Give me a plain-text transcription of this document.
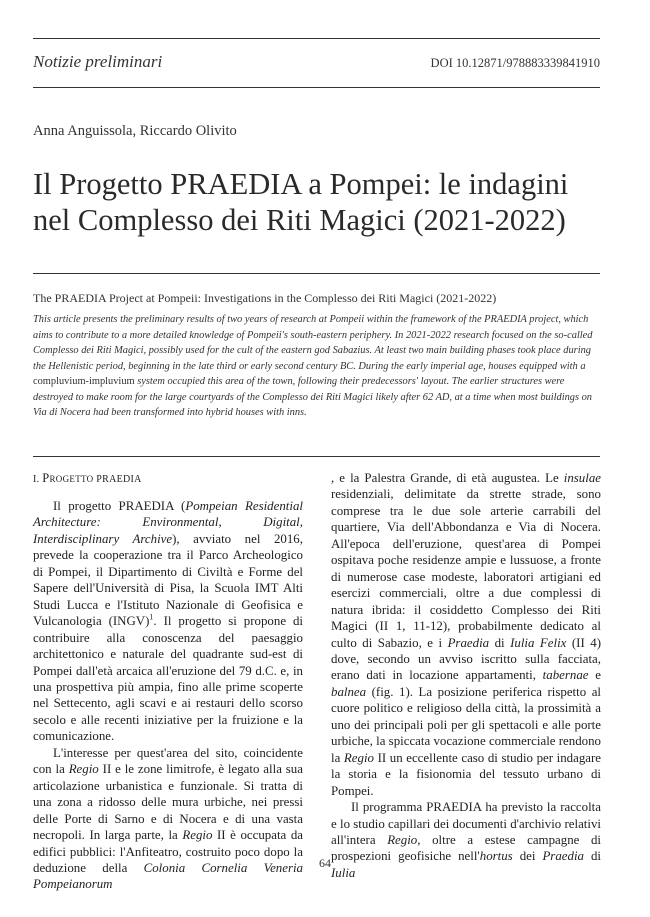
Notizie preliminari	DOI 10.12871/978883339841910
Anna Anguissola, Riccardo Olivito
Il Progetto PRAEDIA a Pompei: le indagini nel Complesso dei Riti Magici (2021-2022)
The PRAEDIA Project at Pompeii: Investigations in the Complesso dei Riti Magici (2021-2022)
This article presents the preliminary results of two years of research at Pompeii within the framework of the PRAEDIA project, which aims to contribute to a more detailed knowledge of Pompeii's south-eastern periphery. In 2021-2022 research focused on the so-called Complesso dei Riti Magici, possibly used for the cult of the eastern god Sabazius. At least two main building phases took place during the Hellenistic period, beginning in the late third or early second century BC. During the early imperial age, houses equipped with a compluvium-impluvium system occupied this area of the town, following their predecessors' layout. The earlier structures were destroyed to make room for the large courtyards of the Complesso dei Riti Magici likely after 62 AD, at a time when most buildings on Via di Nocera had been transformed into hybrid houses with inns.
I. Progetto PRAEDIA

Il progetto PRAEDIA (Pompeian Residential Architecture: Environmental, Digital, Interdisciplinary Archive), avviato nel 2016, prevede la cooperazione tra il Parco Archeologico di Pompei, il Dipartimento di Civiltà e Forme del Sapere dell'Università di Pisa, la Scuola IMT Alti Studi Lucca e l'Istituto Nazionale di Geofisica e Vulcanologia (INGV)$^1$. Il progetto si propone di contribuire alla conoscenza del paesaggio architettonico e naturale del quadrante sud-est di Pompei dall'età arcaica all'eruzione del 79 d.C. e, in una prospettiva più ampia, fino alle prime scoperte nel Settecento, agli scavi e ai restauri dello scorso secolo e alle recenti iniziative per la fruizione e la comunicazione.

L'interesse per quest'area del sito, coincidente con la Regio II e le zone limitrofe, è legato alla sua articolazione urbanistica e funzionale. Si tratta di una zona a ridosso delle mura urbiche, nei pressi delle Porte di Sarno e di Nocera e di una vasta necropoli. In larga parte, la Regio II è occupata da edifici pubblici: l'Anfiteatro, costruito poco dopo la deduzione della Colonia Cornelia Veneria Pompeianorum

, e la Palestra Grande, di età augustea. Le insulae residenziali, delimitate da strette strade, sono comprese tra le due sole arterie carrabili del quartiere, Via dell'Abbondanza e Via di Nocera. All'epoca dell'eruzione, quest'area di Pompei ospitava poche residenze ampie e lussuose, a fronte di numerose case modeste, laboratori artigiani ed esercizi commerciali, oltre a due complessi di natura ibrida: il cosiddetto Complesso dei Riti Magici (II 1, 11-12), probabilmente dedicato al culto di Sabazio, e i Praedia di Iulia Felix (II 4) dove, secondo un avviso iscritto sulla facciata, erano dati in locazione appartamenti, tabernae e balnea (fig. 1). La posizione periferica rispetto al cuore politico e religioso della città, la prossimità a uno dei principali poli per gli spettacoli e alle porte urbiche, la spiccata vocazione commerciale rendono la Regio II un eccellente caso di studio per indagare la storia e la fisionomia del tessuto urbano di Pompei.

Il programma PRAEDIA ha previsto la raccolta e lo studio capillari dei documenti d'archivio relativi all'intera Regio, oltre a estese campagne di prospezioni geofisiche nell'hortus dei Praedia di Iulia

64
